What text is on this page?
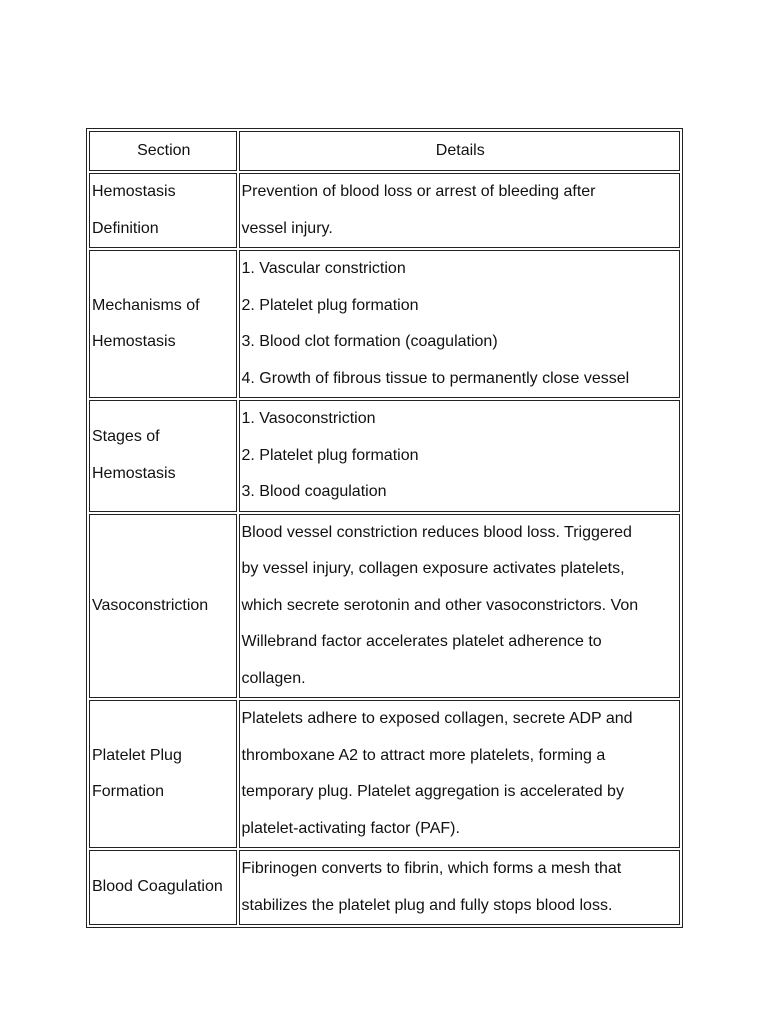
Section	Details

Hemostasis
Definition	Prevention of blood loss or arrest of bleeding after
vessel injury.

Mechanisms of
Hemostasis	1. Vascular constriction
2. Platelet plug formation
3. Blood clot formation (coagulation)
4. Growth of fibrous tissue to permanently close vessel

Stages of
Hemostasis	1. Vasoconstriction
2. Platelet plug formation
3. Blood coagulation

Vasoconstriction	Blood vessel constriction reduces blood loss. Triggered
by vessel injury, collagen exposure activates platelets,
which secrete serotonin and other vasoconstrictors. Von
Willebrand factor accelerates platelet adherence to
collagen.

Platelet Plug
Formation	Platelets adhere to exposed collagen, secrete ADP and
thromboxane A2 to attract more platelets, forming a
temporary plug. Platelet aggregation is accelerated by
platelet-activating factor (PAF).

Blood Coagulation	Fibrinogen converts to fibrin, which forms a mesh that
stabilizes the platelet plug and fully stops blood loss.
